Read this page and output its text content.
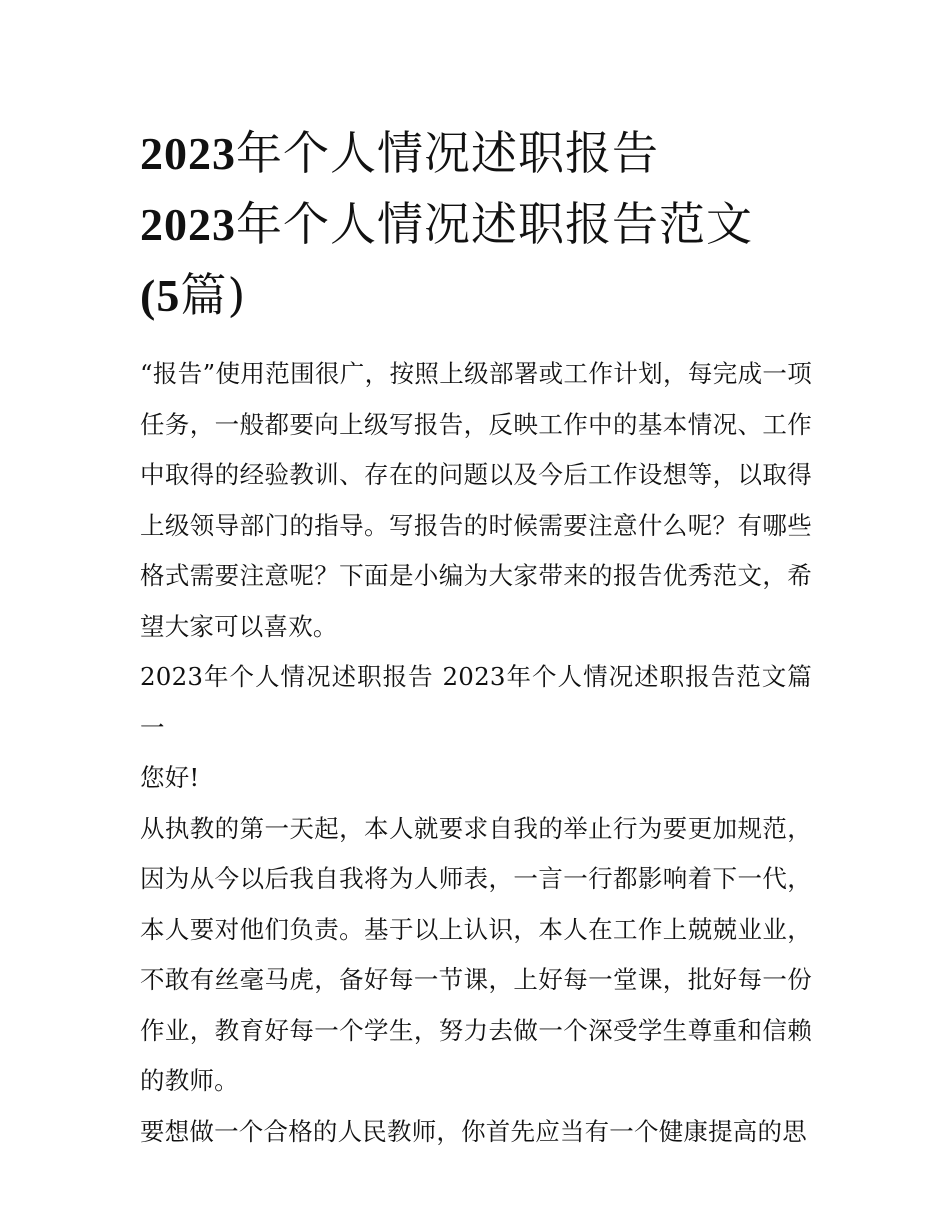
2023年个人情况述职报告
2023年个人情况述职报告范文
(5篇)

“报告”使用范围很广，按照上级部署或工作计划，每完成一项任务，一般都要向上级写报告，反映工作中的基本情况、工作中取得的经验教训、存在的问题以及今后工作设想等，以取得上级领导部门的指导。写报告的时候需要注意什么呢？有哪些格式需要注意呢？下面是小编为大家带来的报告优秀范文，希望大家可以喜欢。

2023年个人情况述职报告 2023年个人情况述职报告范文篇一

您好!

从执教的第一天起，本人就要求自我的举止行为要更加规范，因为从今以后我自我将为人师表，一言一行都影响着下一代，本人要对他们负责。基于以上认识，本人在工作上兢兢业业，不敢有丝毫马虎，备好每一节课，上好每一堂课，批好每一份作业，教育好每一个学生，努力去做一个深受学生尊重和信赖的教师。

要想做一个合格的人民教师，你首先应当有一个健康提高的思
